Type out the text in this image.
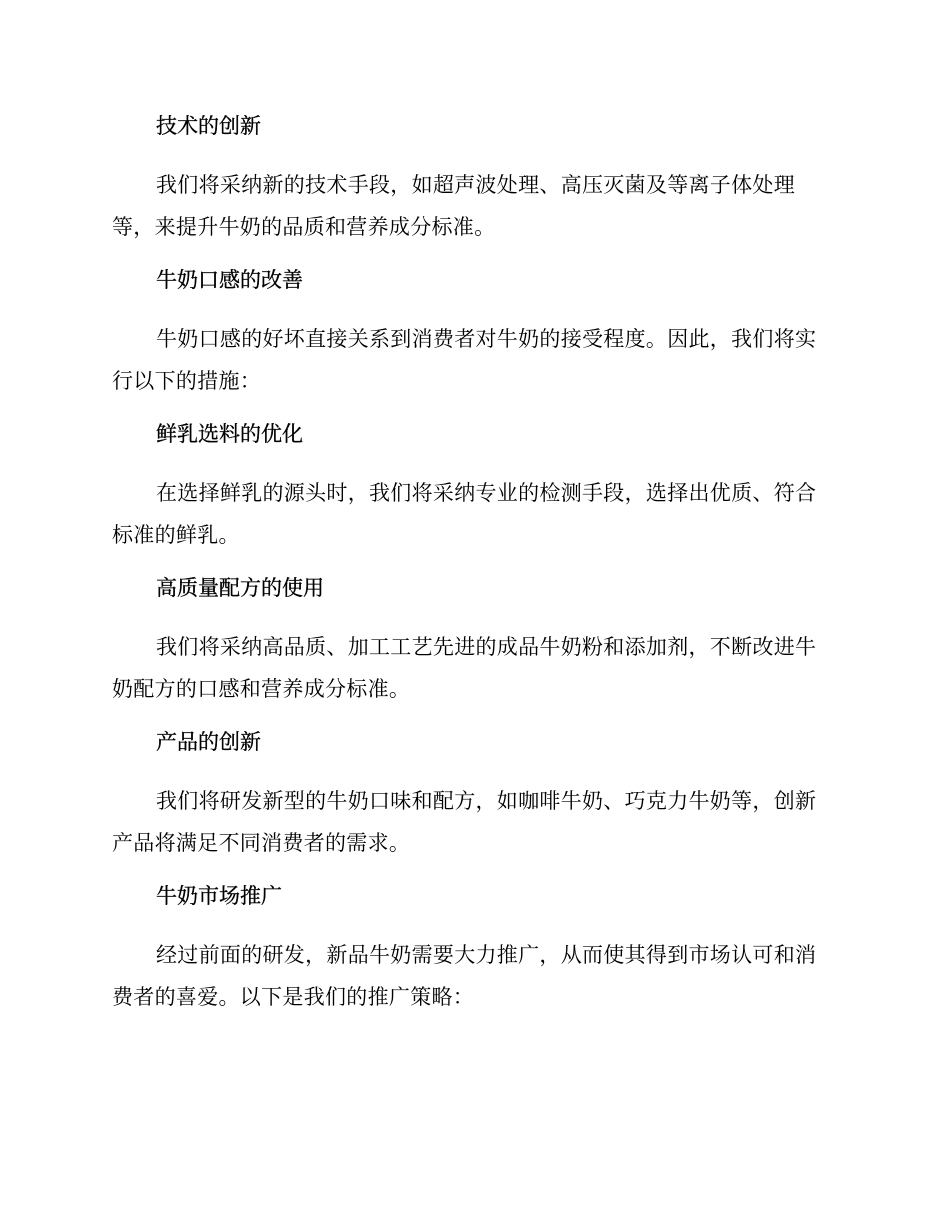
技术的创新
我们将采纳新的技术手段，如超声波处理、高压灭菌及等离子体处理等，来提升牛奶的品质和营养成分标准。
牛奶口感的改善
牛奶口感的好坏直接关系到消费者对牛奶的接受程度。因此，我们将实行以下的措施：
鲜乳选料的优化
在选择鲜乳的源头时，我们将采纳专业的检测手段，选择出优质、符合标准的鲜乳。
高质量配方的使用
我们将采纳高品质、加工工艺先进的成品牛奶粉和添加剂，不断改进牛奶配方的口感和营养成分标准。
产品的创新
我们将研发新型的牛奶口味和配方，如咖啡牛奶、巧克力牛奶等，创新产品将满足不同消费者的需求。
牛奶市场推广
经过前面的研发，新品牛奶需要大力推广，从而使其得到市场认可和消费者的喜爱。以下是我们的推广策略：
